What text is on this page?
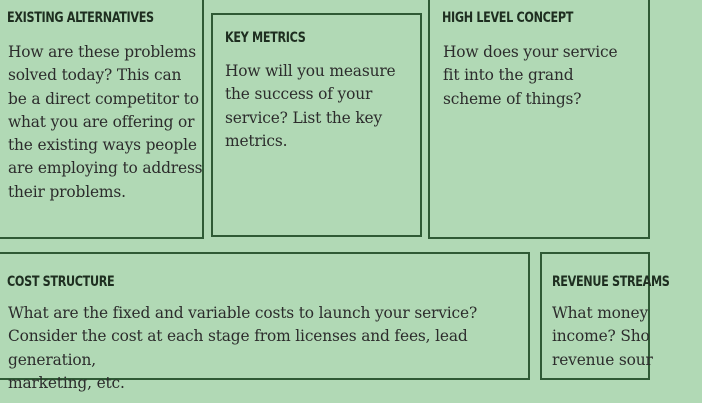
EXISTING ALTERNATIVES
How are these problems
solved today? This can
be a direct competitor to
what you are offering or
the existing ways people
are employing to address
their problems.
KEY METRICS
How will you measure
the success of your
service? List the key
metrics.
HIGH LEVEL CONCEPT
How does your service
fit into the grand
scheme of things?
COST STRUCTURE
What are the fixed and variable costs to launch your service?
Consider the cost at each stage from licenses and fees, lead generation,
marketing, etc.
REVENUE STREAMS
What money
income? Sho
revenue sour
